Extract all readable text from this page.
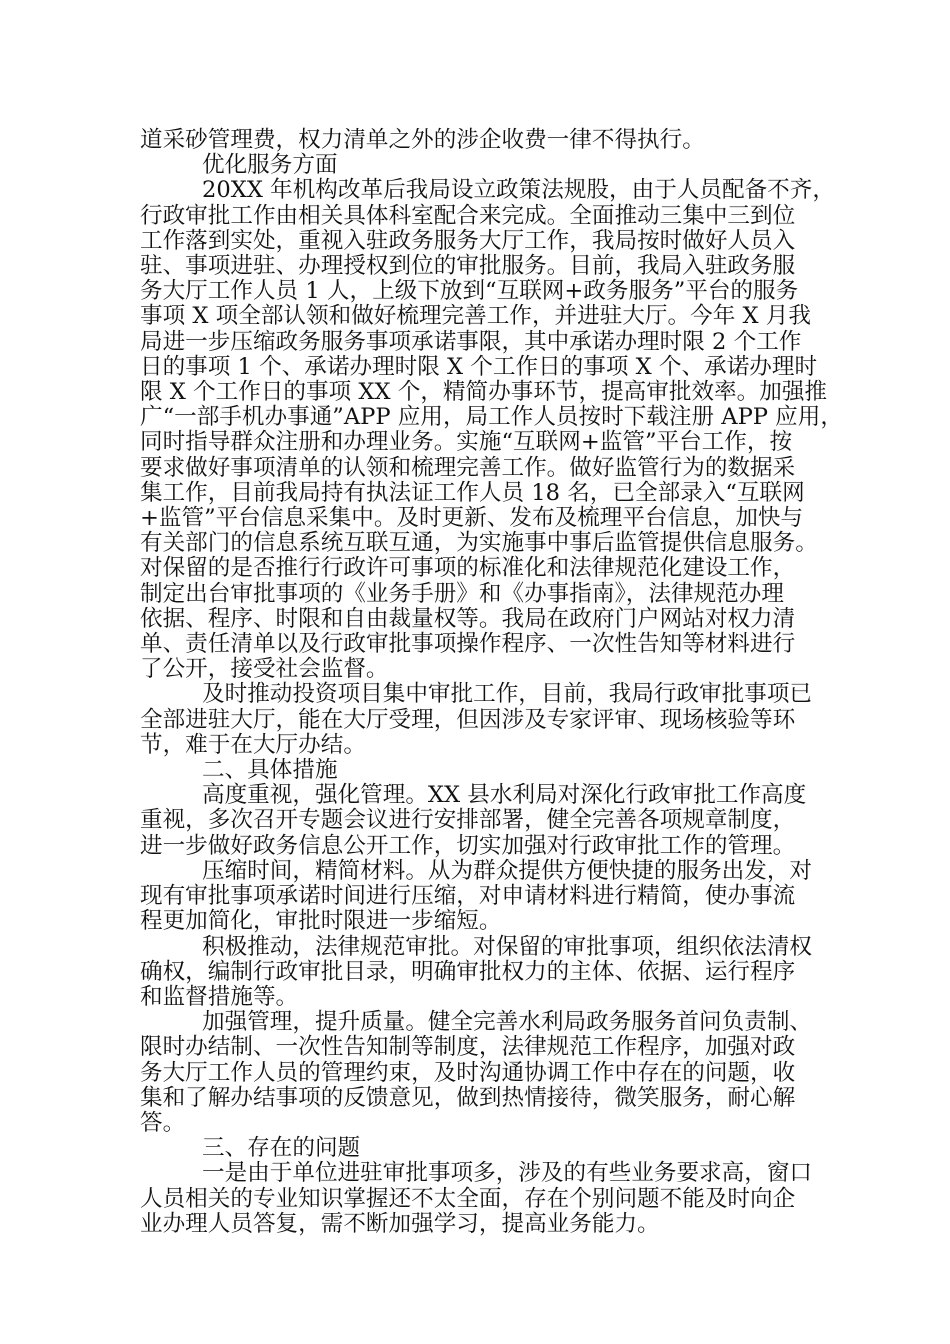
道采砂管理费，权力清单之外的涉企收费一律不得执行。

优化服务方面

20XX 年机构改革后我局设立政策法规股，由于人员配备不齐，

行政审批工作由相关具体科室配合来完成。全面推动三集中三到位

工作落到实处，重视入驻政务服务大厅工作，我局按时做好人员入

驻、事项进驻、办理授权到位的审批服务。目前，我局入驻政务服

务大厅工作人员 1 人，上级下放到“互联网+政务服务”平台的服务

事项 X 项全部认领和做好梳理完善工作，并进驻大厅。今年 X 月我

局进一步压缩政务服务事项承诺事限，其中承诺办理时限 2 个工作

日的事项 1 个、承诺办理时限 X 个工作日的事项 X 个、承诺办理时

限 X 个工作日的事项 XX 个，精简办事环节，提高审批效率。加强推

广“一部手机办事通”APP 应用，局工作人员按时下载注册 APP 应用，

同时指导群众注册和办理业务。实施“互联网+监管”平台工作，按

要求做好事项清单的认领和梳理完善工作。做好监管行为的数据采

集工作，目前我局持有执法证工作人员 18 名，已全部录入“互联网

+监管”平台信息采集中。及时更新、发布及梳理平台信息，加快与

有关部门的信息系统互联互通，为实施事中事后监管提供信息服务。

对保留的是否推行行政许可事项的标准化和法律规范化建设工作，

制定出台审批事项的《业务手册》和《办事指南》，法律规范办理

依据、程序、时限和自由裁量权等。我局在政府门户网站对权力清

单、责任清单以及行政审批事项操作程序、一次性告知等材料进行

了公开，接受社会监督。

及时推动投资项目集中审批工作，目前，我局行政审批事项已

全部进驻大厅，能在大厅受理，但因涉及专家评审、现场核验等环

节，难于在大厅办结。

二、具体措施

高度重视，强化管理。XX 县水利局对深化行政审批工作高度

重视，多次召开专题会议进行安排部署，健全完善各项规章制度，

进一步做好政务信息公开工作，切实加强对行政审批工作的管理。

压缩时间，精简材料。从为群众提供方便快捷的服务出发，对

现有审批事项承诺时间进行压缩，对申请材料进行精简，使办事流

程更加简化，审批时限进一步缩短。

积极推动，法律规范审批。对保留的审批事项，组织依法清权

确权，编制行政审批目录，明确审批权力的主体、依据、运行程序

和监督措施等。

加强管理，提升质量。健全完善水利局政务服务首问负责制、

限时办结制、一次性告知制等制度，法律规范工作程序，加强对政

务大厅工作人员的管理约束，及时沟通协调工作中存在的问题，收

集和了解办结事项的反馈意见，做到热情接待，微笑服务，耐心解

答。

三、存在的问题

一是由于单位进驻审批事项多，涉及的有些业务要求高，窗口

人员相关的专业知识掌握还不太全面，存在个别问题不能及时向企

业办理人员答复，需不断加强学习，提高业务能力。
